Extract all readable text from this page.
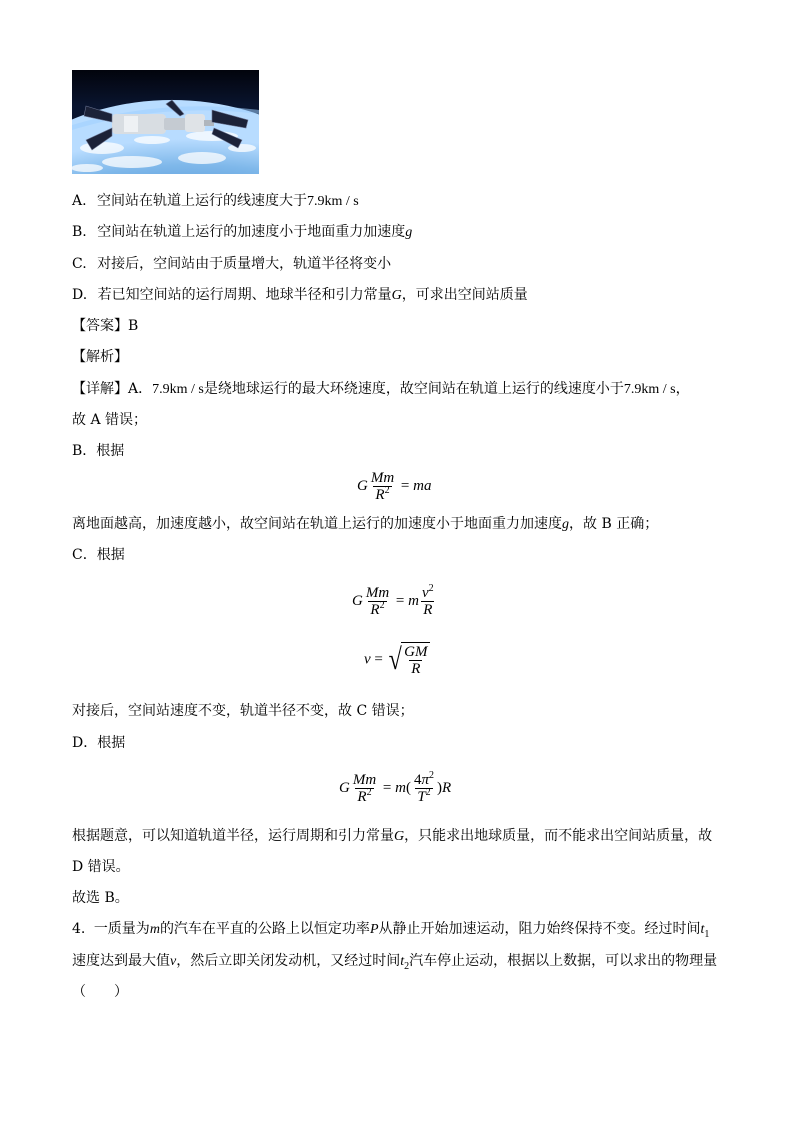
A. 空间站在轨道上运行的线速度大于7.9km / s
B. 空间站在轨道上运行的加速度小于地面重力加速度g
C. 对接后，空间站由于质量增大，轨道半径将变小
D. 若已知空间站的运行周期、地球半径和引力常量G，可求出空间站质量
【答案】B
【解析】
【详解】A．7.9km / s是绕地球运行的最大环绕速度，故空间站在轨道上运行的线速度小于7.9km / s，
故 A 错误；
B．根据
G $\frac{Mm}{R^2}$ = ma
离地面越高，加速度越小，故空间站在轨道上运行的加速度小于地面重力加速度g，故 B 正确；
C．根据
G $\frac{Mm}{R^2} = m \frac{v^2}{R}$
v = √ $\frac{GM}{R}$
对接后，空间站速度不变，轨道半径不变，故 C 错误；
D．根据
G $\frac{Mm}{R^2} = m( \frac{4\pi^2}{T^2} )R$
根据题意，可以知道轨道半径，运行周期和引力常量G，只能求出地球质量，而不能求出空间站质量，故
D 错误。
故选 B。
4. 一质量为m的汽车在平直的公路上以恒定功率P从静止开始加速运动，阻力始终保持不变。经过时间$t_1$
速度达到最大值v，然后立即关闭发动机，又经过时间$t_2$汽车停止运动，根据以上数据，可以求出的物理量
（　　）
